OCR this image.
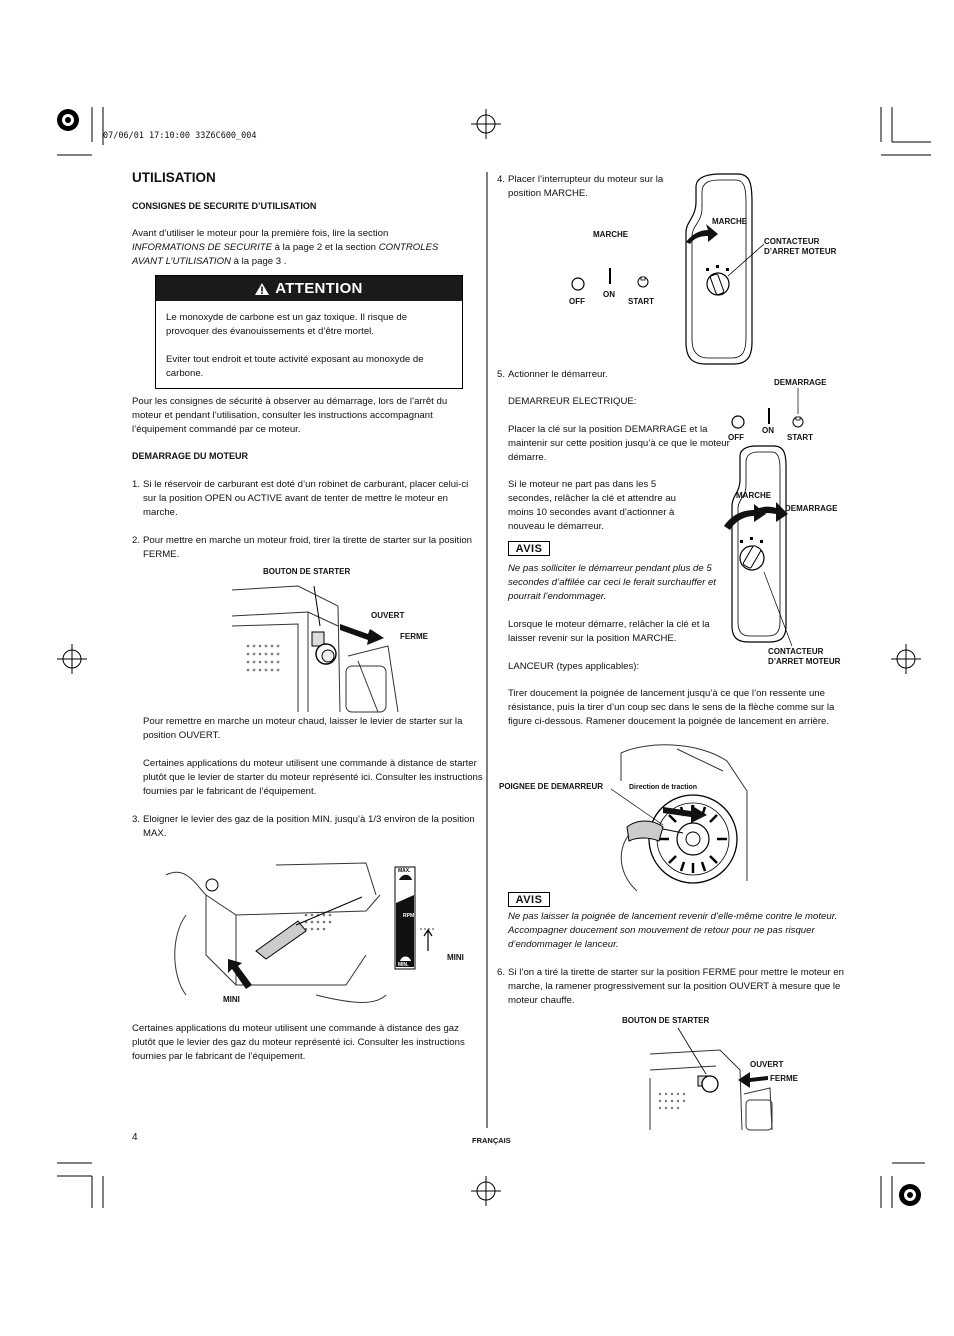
07/06/01 17:10:00 33Z6C600_004
UTILISATION
CONSIGNES DE SECURITE D’UTILISATION

Avant d’utiliser le moteur pour la première fois, lire la section

INFORMATIONS DE SECURITE à la page 2 et la section CONTROLES

AVANT L’UTILISATION à la page 3 .

ATTENTION

Le monoxyde de carbone est un gaz toxique. Il risque de provoquer des évanouissements et d’être mortel.

Eviter tout endroit et toute activité exposant au monoxyde de carbone.

Pour les consignes de sécurité à observer au démarrage, lors de l’arrêt du moteur et pendant l’utilisation, consulter les instructions accompagnant l’équipement commandé par ce moteur.

DEMARRAGE DU MOTEUR
1. Si le réservoir de carburant est doté d’un robinet de carburant, placer celui-ci sur la position OPEN ou ACTIVE avant de tenter de mettre le moteur en marche.

2. Pour mettre en marche un moteur froid, tirer la tirette de starter sur la position FERME.

BOUTON DE STARTER
OUVERT
FERME

Pour remettre en marche un moteur chaud, laisser le levier de starter sur la position OUVERT.

Certaines applications du moteur utilisent une commande à distance de starter plutôt que le levier de starter du moteur représenté ici. Consulter les instructions fournies par le fabricant de l’équipement.

3. Eloigner le levier des gaz de la position MIN. jusqu’à 1/3 environ de la position MAX.

MAX.
RPM
MIN.
MINI
MINI

Certaines applications du moteur utilisent une commande à distance des gaz plutôt que le levier des gaz du moteur représenté ici. Consulter les instructions fournies par le fabricant de l’équipement.

4	FRANÇAIS
4. Placer l’interrupteur du moteur sur la position MARCHE.

MARCHE
MARCHE
CONTACTEUR D’ARRET MOTEUR
OFF
ON
START
5. Actionner le démarreur.

DEMARREUR ELECTRIQUE:

Placer la clé sur la position DEMARRAGE et la maintenir sur cette position jusqu’à ce que le moteur démarre.

Si le moteur ne part pas dans les 5 secondes, relâcher la clé et attendre au moins 10 secondes avant d’actionner à nouveau le démarreur.

AVIS

Ne pas solliciter le démarreur pendant plus de 5 secondes d’affilée car ceci le ferait surchauffer et pourrait l’endommager.

Lorsque le moteur démarre, relâcher la clé et la laisser revenir sur la position MARCHE.

DEMARRAGE
OFF
ON
START
MARCHE
DEMARRAGE
CONTACTEUR D’ARRET MOTEUR

LANCEUR (types applicables):

Tirer doucement la poignée de lancement jusqu’à ce que l’on ressente une résistance, puis la tirer d’un coup sec dans le sens de la flèche comme sur la figure ci-dessous. Ramener doucement la poignée de lancement en arrière.

POIGNEE DE DEMARREUR	Direction de traction
AVIS

Ne pas laisser la poignée de lancement revenir d’elle-même contre le moteur. Accompagner doucement son mouvement de retour pour ne pas risquer d’endommager le lanceur.

6. Si l’on a tiré la tirette de starter sur la position FERME pour mettre le moteur en marche, la ramener progressivement sur la position OUVERT à mesure que le moteur chauffe.

BOUTON DE STARTER
OUVERT
FERME
